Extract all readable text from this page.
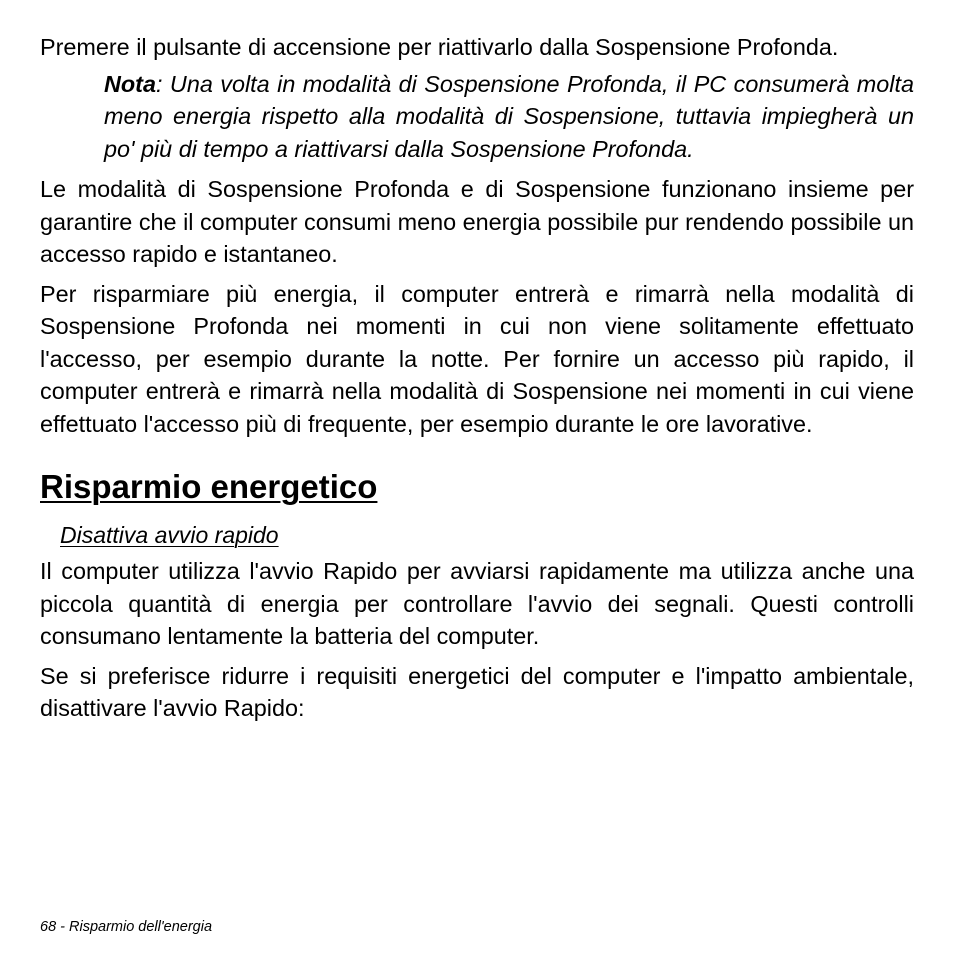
Premere il pulsante di accensione per riattivarlo dalla Sospensione Profonda.

Nota: Una volta in modalità di Sospensione Profonda, il PC consumerà molta meno energia rispetto alla modalità di Sospensione, tuttavia impiegherà un po' più di tempo a riattivarsi dalla Sospensione Profonda.

Le modalità di Sospensione Profonda e di Sospensione funzionano insieme per garantire che il computer consumi meno energia possibile pur rendendo possibile un accesso rapido e istantaneo.

Per risparmiare più energia, il computer entrerà e rimarrà nella modalità di Sospensione Profonda nei momenti in cui non viene solitamente effettuato l'accesso, per esempio durante la notte. Per fornire un accesso più rapido, il computer entrerà e rimarrà nella modalità di Sospensione nei momenti in cui viene effettuato l'accesso più di frequente, per esempio durante le ore lavorative.

Risparmio energetico
Disattiva avvio rapido

Il computer utilizza l'avvio Rapido per avviarsi rapidamente ma utilizza anche una piccola quantità di energia per controllare l'avvio dei segnali. Questi controlli consumano lentamente la batteria del computer.

Se si preferisce ridurre i requisiti energetici del computer e l'impatto ambientale, disattivare l'avvio Rapido:

68 - Risparmio dell'energia
